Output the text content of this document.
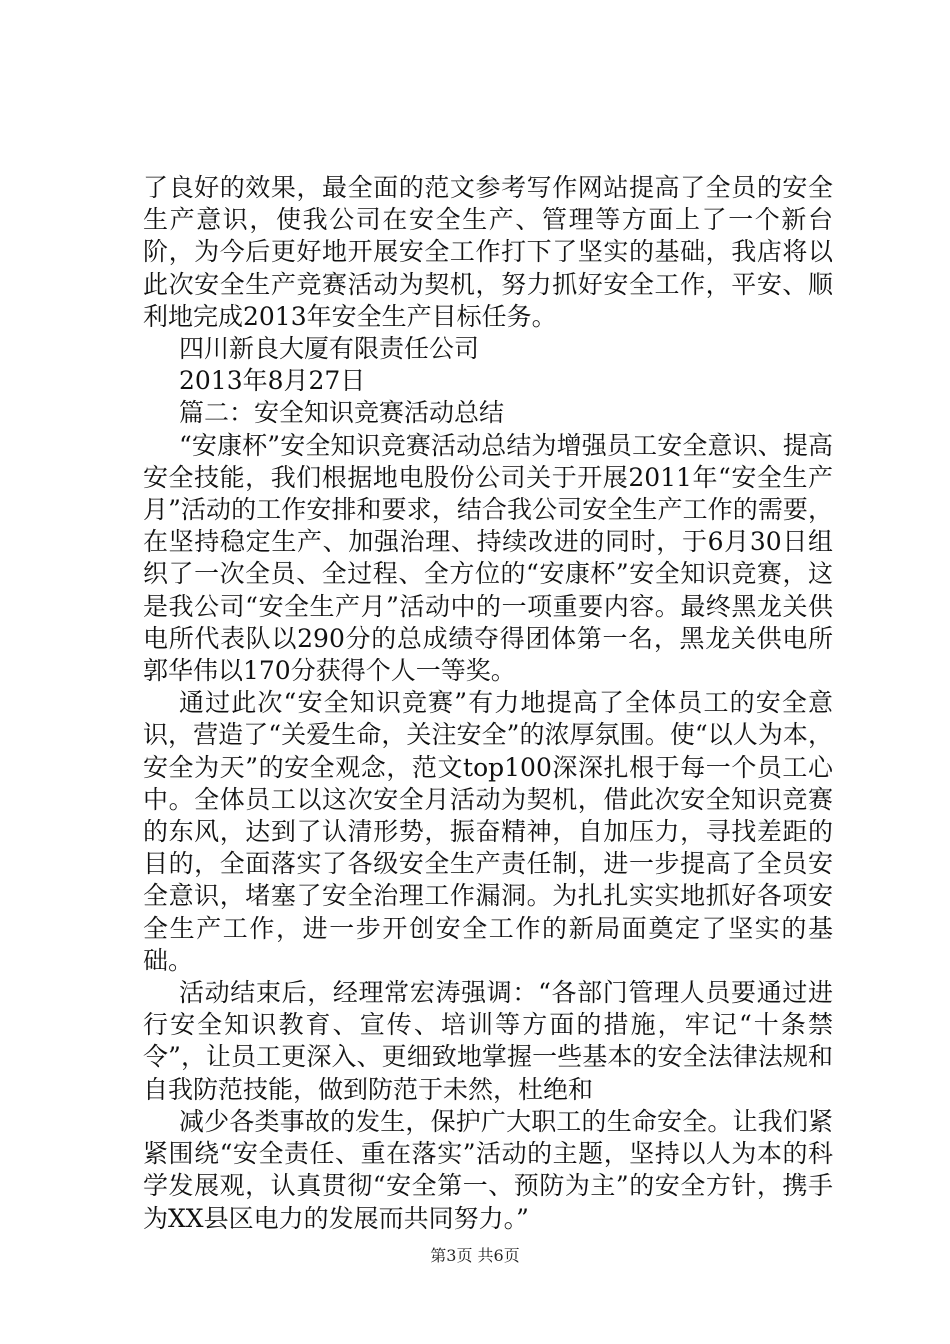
了良好的效果，最全面的范文参考写作网站提高了全员的安全生产意识，使我公司在安全生产、管理等方面上了一个新台阶，为今后更好地开展安全工作打下了坚实的基础，我店将以此次安全生产竞赛活动为契机，努力抓好安全工作，平安、顺利地完成2013年安全生产目标任务。

四川新良大厦有限责任公司

2013年8月27日

篇二：安全知识竞赛活动总结

“安康杯”安全知识竞赛活动总结为增强员工安全意识、提高安全技能，我们根据地电股份公司关于开展2011年“安全生产月”活动的工作安排和要求，结合我公司安全生产工作的需要，在坚持稳定生产、加强治理、持续改进的同时，于6月30日组织了一次全员、全过程、全方位的“安康杯”安全知识竞赛，这是我公司“安全生产月”活动中的一项重要内容。最终黑龙关供电所代表队以290分的总成绩夺得团体第一名，黑龙关供电所郭华伟以170分获得个人一等奖。

通过此次“安全知识竞赛”有力地提高了全体员工的安全意识，营造了“关爱生命，关注安全”的浓厚氛围。使“以人为本，安全为天”的安全观念，范文top100深深扎根于每一个员工心中。全体员工以这次安全月活动为契机，借此次安全知识竞赛的东风，达到了认清形势，振奋精神，自加压力，寻找差距的目的，全面落实了各级安全生产责任制，进一步提高了全员安全意识，堵塞了安全治理工作漏洞。为扎扎实实地抓好各项安全生产工作，进一步开创安全工作的新局面奠定了坚实的基础。

活动结束后，经理常宏涛强调：“各部门管理人员要通过进行安全知识教育、宣传、培训等方面的措施，牢记“十条禁令”，让员工更深入、更细致地掌握一些基本的安全法律法规和自我防范技能，做到防范于未然，杜绝和

减少各类事故的发生，保护广大职工的生命安全。让我们紧紧围绕“安全责任、重在落实”活动的主题，坚持以人为本的科学发展观，认真贯彻“安全第一、预防为主”的安全方针，携手为XX县区电力的发展而共同努力。”

第3页 共6页
